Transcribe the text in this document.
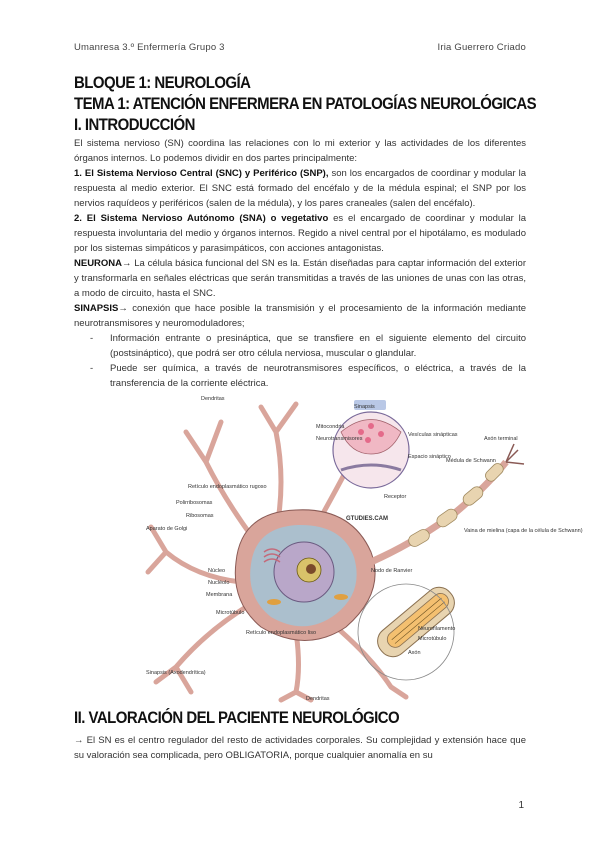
Umanresa 3.º Enfermería Grupo 3	Iria Guerrero Criado
BLOQUE 1: NEUROLOGÍA
TEMA 1: ATENCIÓN ENFERMERA EN PATOLOGÍAS NEUROLÓGICAS
I. INTRODUCCIÓN

El sistema nervioso (SN) coordina las relaciones con lo mi exterior y las actividades de los diferentes órganos internos. Lo podemos dividir en dos partes principalmente:

1. El Sistema Nervioso Central (SNC) y Periférico (SNP), son los encargados de coordinar y modular la respuesta al medio exterior. El SNC está formado del encéfalo y de la médula espinal; el SNP por los nervios raquídeos y periféricos (salen de la médula), y los pares craneales (salen del encéfalo).

2. El Sistema Nervioso Autónomo (SNA) o vegetativo es el encargado de coordinar y modular la respuesta involuntaria del medio y órganos internos. Regido a nivel central por el hipotálamo, es modulado por los sistemas simpáticos y parasimpáticos, con acciones antagonistas.

NEURONA→ La célula básica funcional del SN es la. Están diseñadas para captar información del exterior y transformarla en señales eléctricas que serán transmitidas a través de las uniones de unas con las otras, a modo de circuito, hasta el SNC.

SINAPSIS→ conexión que hace posible la transmisión y el procesamiento de la información mediante neurotransmisores y neuromoduladores;

- Información entrante o presináptica, que se transfiere en el siguiente elemento del circuito (postsináptico), que podrá ser otro célula nerviosa, muscular o glandular.
- Puede ser química, a través de neurotransmisores específicos, o eléctrica, a través de la transferencia de la corriente eléctrica.
GTUDIES.CAM
Dendritas
Sinapsis
Mitocondria
Neurotransmisores
Vesículas sinápticas
Espacio sináptico
Receptor
Axón terminal
Médula de Schwann
Retículo endoplasmático rugoso
Polirribosomas
Ribosomas
Aparato de Golgi
Núcleo
Nucléolo
Membrana
Microtúbulo
Retículo endoplasmático liso
Sinapsis (Axodendrítica)
Dendritas
Vaina de mielina (capa de la célula de Schwann)
Nodo de Ranvier
Neurofilamento
Microtúbulo
Axón
II. VALORACIÓN DEL PACIENTE NEUROLÓGICO

→ El SN es el centro regulador del resto de actividades corporales. Su complejidad y extensión hace que su valoración sea complicada, pero OBLIGATORIA, porque cualquier anomalía en su

1
